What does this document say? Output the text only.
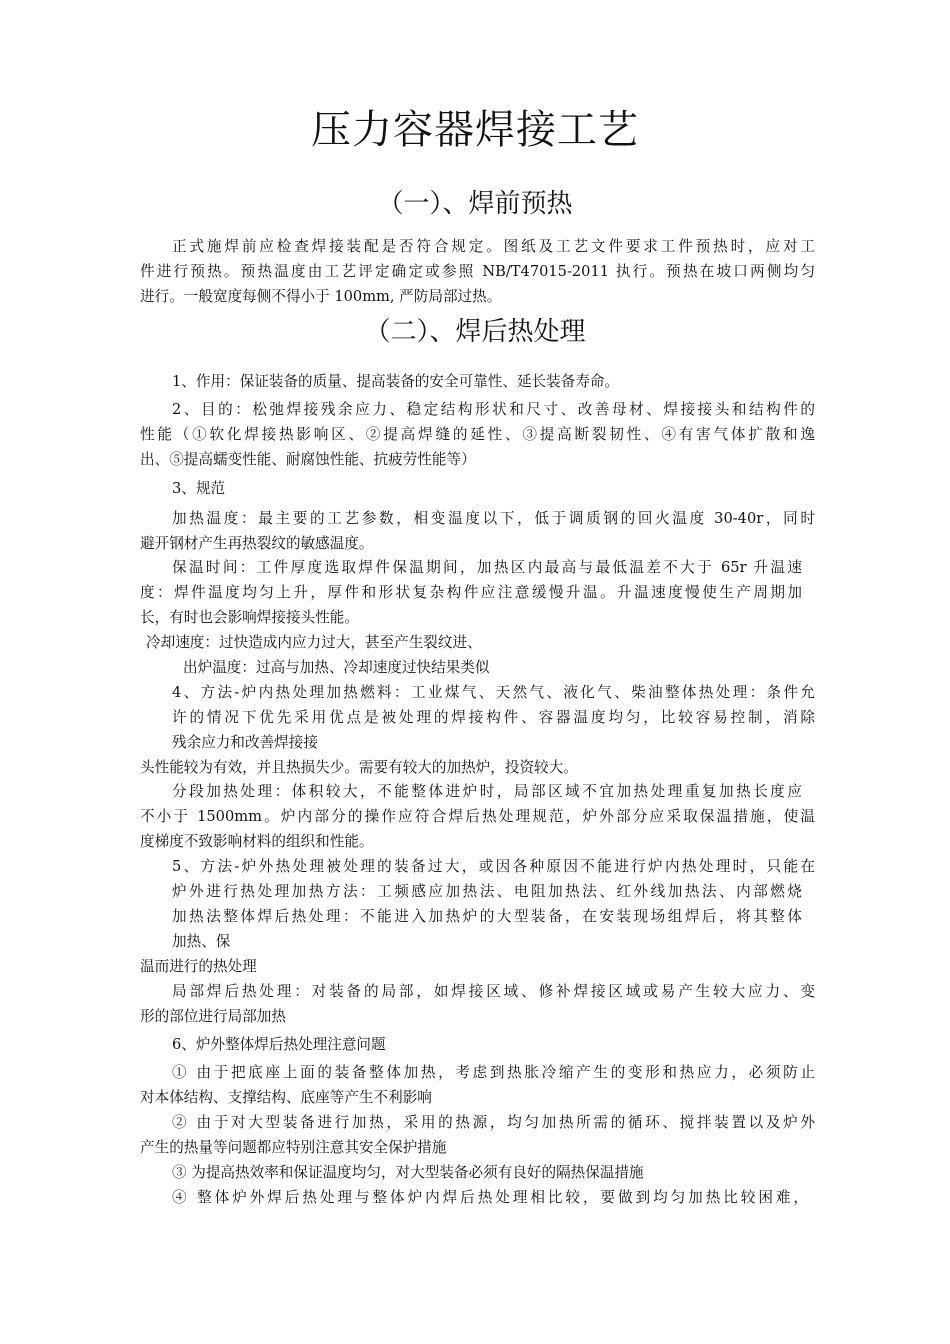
压力容器焊接工艺
（一）、焊前预热
正式施焊前应检查焊接装配是否符合规定。图纸及工艺文件要求工件预热时，应对工
件进行预热。预热温度由工艺评定确定或参照 NB/T47015-2011 执行。预热在坡口两侧均匀
进行。一般宽度每侧不得小于 100mm, 严防局部过热。
（二）、焊后热处理
1、作用：保证装备的质量、提高装备的安全可靠性、延长装备寿命。
2、目的：松弛焊接残余应力、稳定结构形状和尺寸、改善母材、焊接接头和结构件的
性能（①软化焊接热影响区、②提高焊缝的延性、③提高断裂韧性、④有害气体扩散和逸
出、⑤提高蠕变性能、耐腐蚀性能、抗疲劳性能等）
3、规范
加热温度：最主要的工艺参数，相变温度以下，低于调质钢的回火温度 30-40r，同时
避开钢材产生再热裂纹的敏感温度。
保温时间：工件厚度选取焊件保温期间，加热区内最高与最低温差不大于 65r 升温速
度：焊件温度均匀上升，厚件和形状复杂构件应注意缓慢升温。升温速度慢使生产周期加
长，有时也会影响焊接接头性能。
冷却速度：过快造成内应力过大，甚至产生裂纹进、
出炉温度：过高与加热、冷却速度过快结果类似
4、方法-炉内热处理加热燃料：工业煤气、天然气、液化气、柴油整体热处理：条件允
许的情况下优先采用优点是被处理的焊接构件、容器温度均匀，比较容易控制，消除
残余应力和改善焊接接
头性能较为有效，并且热损失少。需要有较大的加热炉，投资较大。
分段加热处理：体积较大，不能整体进炉时，局部区域不宜加热处理重复加热长度应
不小于 1500mm。炉内部分的操作应符合焊后热处理规范，炉外部分应采取保温措施，使温
度梯度不致影响材料的组织和性能。
5、方法-炉外热处理被处理的装备过大，或因各种原因不能进行炉内热处理时，只能在
炉外进行热处理加热方法：工频感应加热法、电阻加热法、红外线加热法、内部燃烧
加热法整体焊后热处理：不能进入加热炉的大型装备，在安装现场组焊后，将其整体
加热、保
温而进行的热处理
局部焊后热处理：对装备的局部，如焊接区域、修补焊接区域或易产生较大应力、变
形的部位进行局部加热
6、炉外整体焊后热处理注意问题
① 由于把底座上面的装备整体加热，考虑到热胀冷缩产生的变形和热应力，必须防止
对本体结构、支撑结构、底座等产生不利影响
② 由于对大型装备进行加热，采用的热源，均匀加热所需的循环、搅拌装置以及炉外
产生的热量等问题都应特别注意其安全保护措施
③ 为提高热效率和保证温度均匀，对大型装备必须有良好的隔热保温措施
④ 整体炉外焊后热处理与整体炉内焊后热处理相比较，要做到均匀加热比较困难，
